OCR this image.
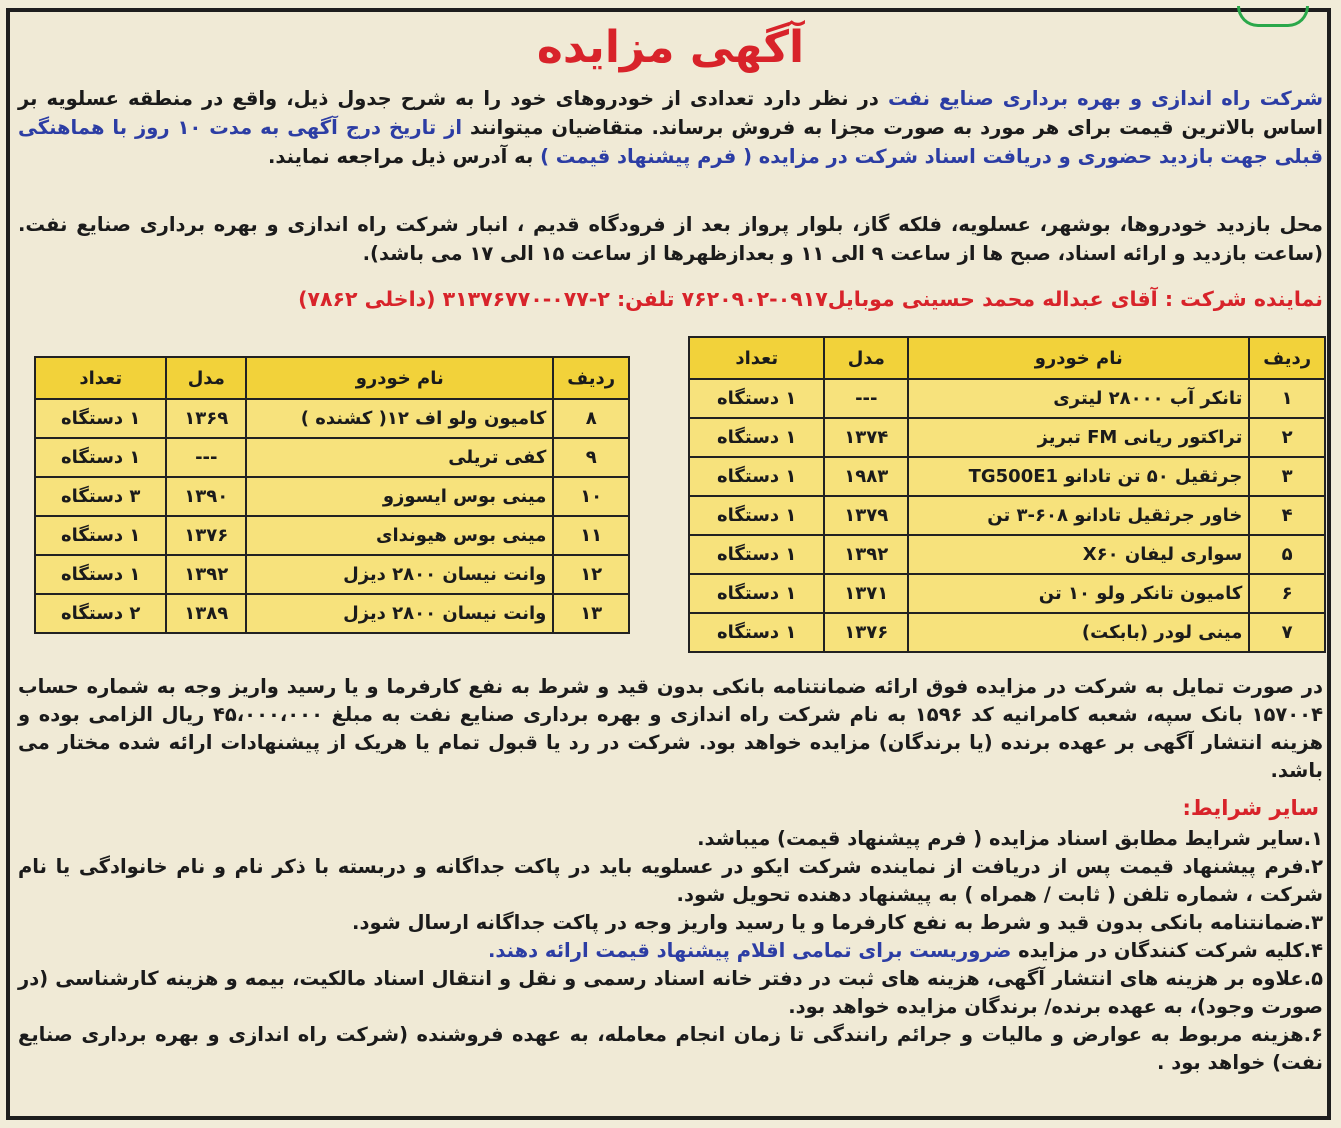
آگهی مزایده
شرکت راه اندازی و بهره برداری صنایع نفت در نظر دارد تعدادی از خودروهای خود را به شرح جدول ذیل، واقع در منطقه عسلویه بر اساس بالاترین قیمت برای هر مورد به صورت مجزا به فروش برساند. متقاضیان میتوانند از تاریخ درج آگهی به مدت ۱۰ روز با هماهنگی قبلی جهت بازدید حضوری و دریافت اسناد شرکت در مزایده ( فرم پیشنهاد قیمت ) به آدرس ذیل مراجعه نمایند.
محل بازدید خودروها، بوشهر، عسلویه، فلکه گاز، بلوار پرواز بعد از فرودگاه قدیم ، انبار شرکت راه اندازی و بهره برداری صنایع نفت. (ساعت بازدید و ارائه اسناد، صبح ها از ساعت ۹ الی ۱۱ و بعدازظهرها از ساعت ۱۵ الی ۱۷ می باشد).
نماینده شرکت : آقای عبداله محمد حسینی موبایل۰۹۱۷-۷۶۲۰۹۰۲ تلفن: ۲-۰۷۷-۳۱۳۷۶۷۷۰ (داخلی ۷۸۶۲)
ردیف	نام خودرو	مدل	تعداد
۱	تانکر آب ۲۸۰۰۰ لیتری	---	۱ دستگاه
۲	تراکتور ریانی FM تبریز	۱۳۷۴	۱ دستگاه
۳	جرثقیل ۵۰ تن تادانو TG500E1	۱۹۸۳	۱ دستگاه
۴	خاور جرثقیل تادانو ۶۰۸-۳ تن	۱۳۷۹	۱ دستگاه
۵	سواری لیفان X۶۰	۱۳۹۲	۱ دستگاه
۶	کامیون تانکر ولو ۱۰ تن	۱۳۷۱	۱ دستگاه
۷	مینی لودر (بابکت)	۱۳۷۶	۱ دستگاه
ردیف	نام خودرو	مدل	تعداد
۸	کامیون ولو اف ۱۲( کشنده )	۱۳۶۹	۱ دستگاه
۹	کفی تریلی	---	۱ دستگاه
۱۰	مینی بوس ایسوزو	۱۳۹۰	۳ دستگاه
۱۱	مینی بوس هیوندای	۱۳۷۶	۱ دستگاه
۱۲	وانت نیسان ۲۸۰۰ دیزل	۱۳۹۲	۱ دستگاه
۱۳	وانت نیسان ۲۸۰۰ دیزل	۱۳۸۹	۲ دستگاه
در صورت تمایل به شرکت در مزایده فوق ارائه ضمانتنامه بانکی بدون قید و شرط به نفع کارفرما و یا رسید واریز وجه به شماره حساب ۱۵۷۰۰۴ بانک سپه، شعبه کامرانیه کد ۱۵۹۶ به نام شرکت راه اندازی و بهره برداری صنایع نفت به مبلغ ۴۵،۰۰۰،۰۰۰ ریال الزامی بوده و هزینه انتشار آگهی بر عهده برنده (یا برندگان) مزایده خواهد بود. شرکت در رد یا قبول تمام یا هریک از پیشنهادات ارائه شده مختار می باشد.
سایر شرایط:

۱.سایر شرایط مطابق اسناد مزایده ( فرم پیشنهاد قیمت) میباشد.

۲.فرم پیشنهاد قیمت پس از دریافت از نماینده شرکت ایکو در عسلویه باید در پاکت جداگانه و دربسته با ذکر نام و نام خانوادگی یا نام شرکت ، شماره تلفن ( ثابت / همراه ) به پیشنهاد دهنده تحویل شود.

۳.ضمانتنامه بانکی بدون قید و شرط به نفع کارفرما و یا رسید واریز وجه در پاکت جداگانه ارسال شود.

۴.کلیه شرکت کنندگان در مزایده ضروریست برای تمامی اقلام پیشنهاد قیمت ارائه دهند.

۵.علاوه بر هزینه های انتشار آگهی، هزینه های ثبت در دفتر خانه اسناد رسمی و نقل و انتقال اسناد مالکیت، بیمه و هزینه کارشناسی (در صورت وجود)، به عهده برنده/ برندگان مزایده خواهد بود.

۶.هزینه مربوط به عوارض و مالیات و جرائم رانندگی تا زمان انجام معامله، به عهده فروشنده (شرکت راه اندازی و بهره برداری صنایع نفت) خواهد بود .
